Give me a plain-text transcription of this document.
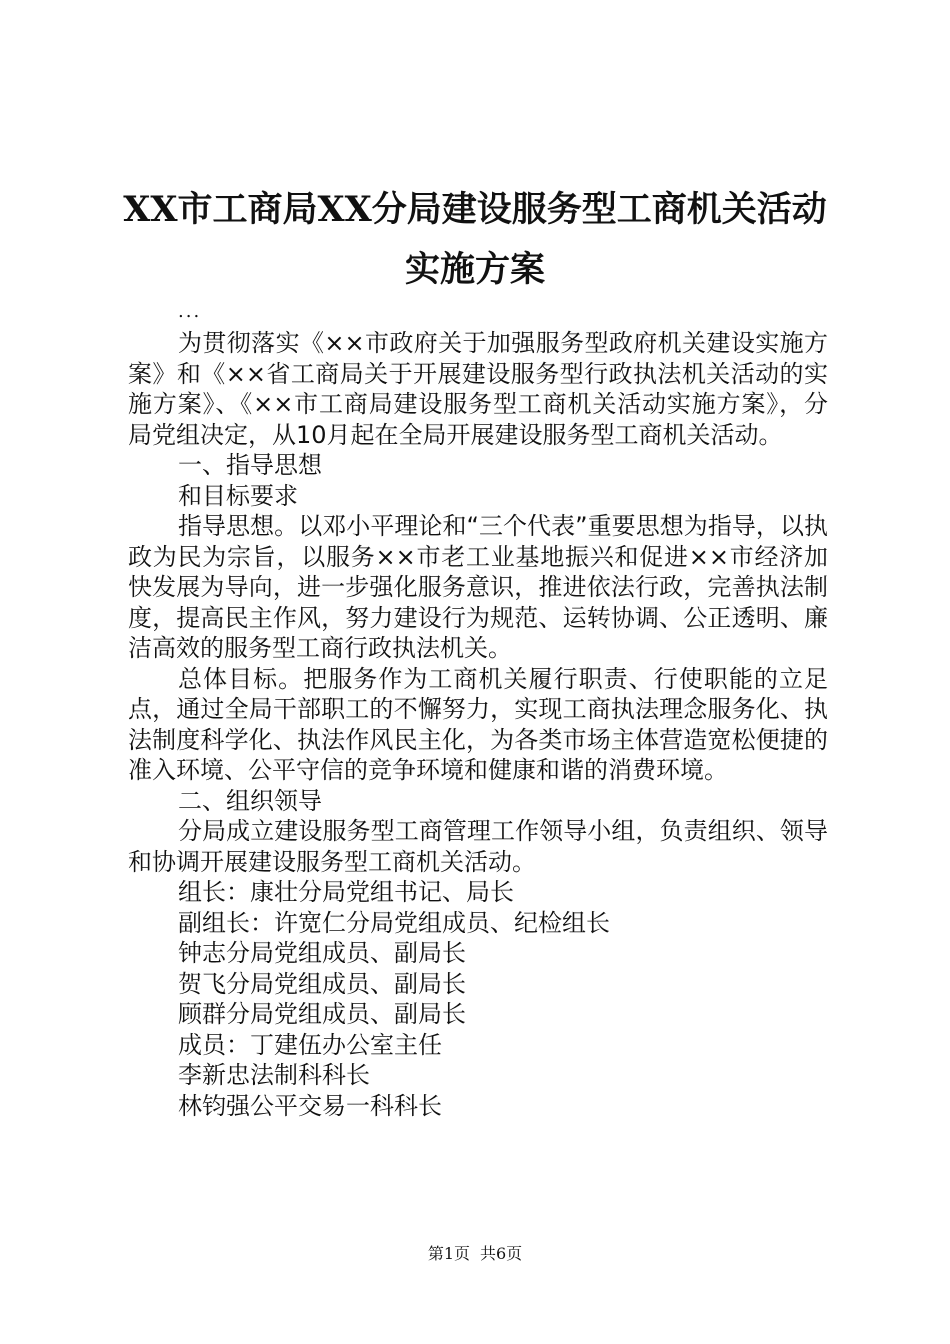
XX市工商局XX分局建设服务型工商机关活动
实施方案
...

为贯彻落实《××市政府关于加强服务型政府机关建设实施方案》和《××省工商局关于开展建设服务型行政执法机关活动的实施方案》、《××市工商局建设服务型工商机关活动实施方案》，分局党组决定，从10月起在全局开展建设服务型工商机关活动。

一、指导思想

和目标要求

指导思想。以邓小平理论和“三个代表”重要思想为指导，以执政为民为宗旨，以服务××市老工业基地振兴和促进××市经济加快发展为导向，进一步强化服务意识，推进依法行政，完善执法制度，提高民主作风，努力建设行为规范、运转协调、公正透明、廉洁高效的服务型工商行政执法机关。

总体目标。把服务作为工商机关履行职责、行使职能的立足点，通过全局干部职工的不懈努力，实现工商执法理念服务化、执法制度科学化、执法作风民主化，为各类市场主体营造宽松便捷的准入环境、公平守信的竞争环境和健康和谐的消费环境。

二、组织领导

分局成立建设服务型工商管理工作领导小组，负责组织、领导和协调开展建设服务型工商机关活动。

组长：康壮分局党组书记、局长

副组长：许宽仁分局党组成员、纪检组长

钟志分局党组成员、副局长

贺飞分局党组成员、副局长

顾群分局党组成员、副局长

成员：丁建伍办公室主任

李新忠法制科科长

林钧强公平交易一科科长

第1页 共6页
